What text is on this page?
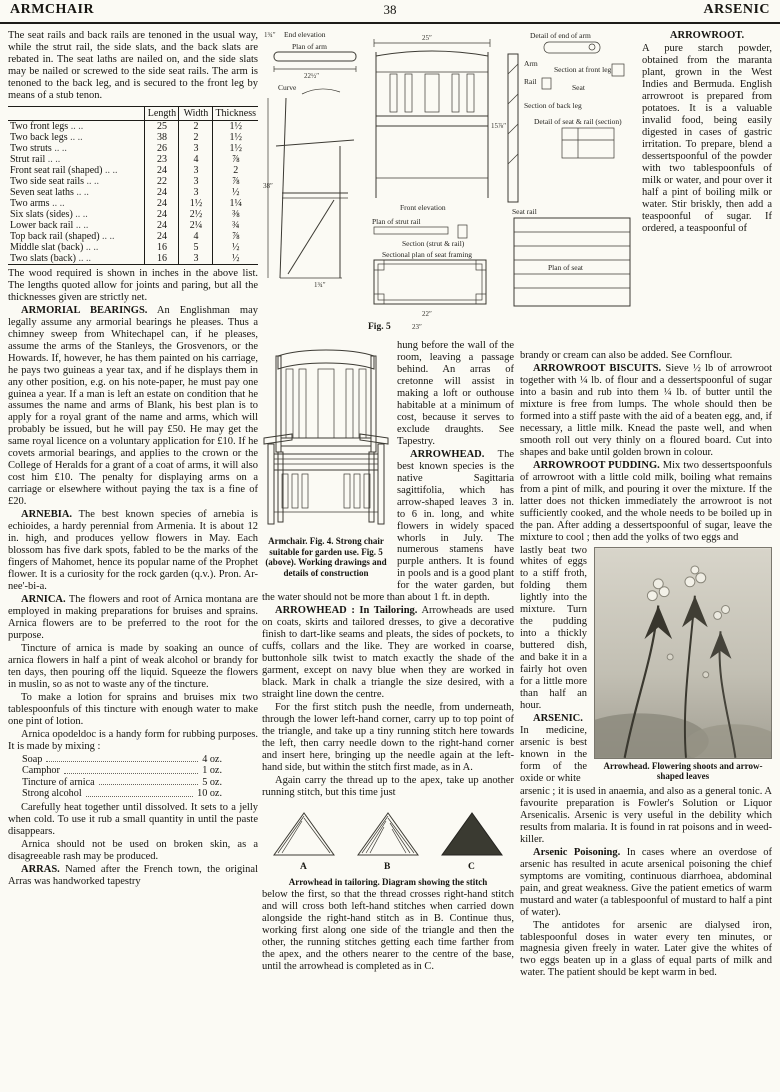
ARMCHAIR	38	ARSENIC

The seat rails and back rails are tenoned in the usual way, while the strut rail, the side slats, and the back slats are rebated in. The seat laths are nailed on, and the side slats may be nailed or screwed to the side seat rails. The arm is tenoned to the back leg, and is secured to the front leg by means of a stub tenon.

	Length	Width	Thickness
Two front legs .. ..	25	2	1½
Two back legs .. ..	38	2	1½
Two struts .. ..	26	3	1½
Strut rail .. ..	23	4	⅞
Front seat rail (shaped) .. ..	24	3	2
Two side seat rails .. ..	22	3	⅞
Seven seat laths .. ..	24	3	½
Two arms .. ..	24	1½	1¼
Six slats (sides) .. ..	24	2½	⅜
Lower back rail .. ..	24	2¼	¾
Top back rail (shaped) .. ..	24	4	⅞
Middle slat (back) .. ..	16	5	½
Two slats (back) .. ..	16	3	½

The wood required is shown in inches in the above list. The lengths quoted allow for joints and paring, but all the thicknesses given are strictly net.

ARMORIAL BEARINGS. An Englishman may legally assume any armorial bearings he pleases. Thus a chimney sweep from Whitechapel can, if he pleases, assume the arms of the Stanleys, the Grosvenors, or the Howards. If, however, he has them painted on his carriage, he pays two guineas a year tax, and if he displays them in any other position, e.g. on his note-paper, he must pay one guinea a year. If a man is left an estate on condition that he assumes the name and arms of Blank, his best plan is to apply for a royal grant of the name and arms, which will probably be issued, but he will pay £50. He may get the same royal licence on a voluntary application for £10. If he covets armorial bearings, and applies to the crown or the College of Heralds for a grant of a coat of arms, it will also cost him £10. The penalty for displaying arms on a carriage or elsewhere without paying the tax is a fine of £20.

ARNEBIA. The best known species of arnebia is echioides, a hardy perennial from Armenia. It is about 12 in. high, and produces yellow flowers in May. Each blossom has five dark spots, fabled to be the marks of the fingers of Mahomet, hence its popular name of the Prophet flower. It is a curiosity for the rock garden (q.v.). Pron. Ar-nee'-bi-a.

ARNICA. The flowers and root of Arnica montana are employed in making preparations for bruises and sprains. Arnica flowers are to be preferred to the root for the purpose.

Tincture of arnica is made by soaking an ounce of arnica flowers in half a pint of weak alcohol or brandy for ten days, then pouring off the liquid. Squeeze the flowers in muslin, so as not to waste any of the tincture.

To make a lotion for sprains and bruises mix two tablespoonfuls of this tincture with enough water to make one pint of lotion.

Arnica opodeldoc is a handy form for rubbing purposes. It is made by mixing :

Soap	4 oz.
Camphor	1 oz.
Tincture of arnica	5 oz.
Strong alcohol	10 oz.

Carefully heat together until dissolved. It sets to a jelly when cold. To use it rub a small quantity in until the paste disappears.

Arnica should not be used on broken skin, as a disagreeable rash may be produced.

ARRAS. Named after the French town, the original Arras was handworked tapestry

1¾″ End elevation
Plan of arm
22½″
Curve
38″
1¾″
25″
15⅞″
Front elevation
Plan of strut rail
Section (strut & rail)
Sectional plan of seat framing
22″
Fig. 5	23″
Detail of end of arm
Arm
Section at front leg
Rail
Seat
Section of back leg
Detail of seat & rail (section)
Seat rail
Plan of seat
ARROWROOT.

A pure starch powder, obtained from the maranta plant, grown in the West Indies and Bermuda. English arrowroot is prepared from potatoes. It is a valuable invalid food, being easily digested in cases of gastric irritation. To prepare, blend a dessertspoonful of the powder with two tablespoonfuls of milk or water, and pour over it half a pint of boiling milk or water. Stir briskly, then add a teaspoonful of sugar. If ordered, a teaspoonful of

Armchair. Fig. 4. Strong chair suitable for garden use. Fig. 5 (above). Working drawings and details of construction

hung before the wall of the room, leaving a passage behind. An arras of cretonne will assist in making a loft or outhouse habitable at a minimum of cost, because it serves to exclude draughts. See Tapestry.

ARROWHEAD. The best known species is the native Sagittaria sagittifolia, which has arrow-shaped leaves 3 in. to 6 in. long, and white flowers in widely spaced whorls in July. The numerous stamens have purple anthers. It is found in pools and is a good plant for the water garden, but the water should not be more than about 1 ft. in depth.

ARROWHEAD : In Tailoring. Arrowheads are used on coats, skirts and tailored dresses, to give a decorative finish to dart-like seams and pleats, the sides of pockets, to cuffs, collars and the like. They are worked in coarse, buttonhole silk twist to match exactly the shade of the garment, except on navy blue when they are worked in black. Mark in chalk a triangle the size desired, with a straight line down the centre.

For the first stitch push the needle, from underneath, through the lower left-hand corner, carry up to top point of the triangle, and take up a tiny running stitch here towards the left, then carry needle down to the right-hand corner and insert here, bringing up the needle again at the left-hand side, but within the stitch first made, as in A.

Again carry the thread up to the apex, take up another running stitch, but this time just

A	B	C
Arrowhead in tailoring. Diagram showing the stitch

below the first, so that the thread crosses right-hand stitch and will cross both left-hand stitches when carried down alongside the right-hand stitch as in B. Continue thus, working first along one side of the triangle and then the other, the running stitches getting each time farther from the apex, and the others nearer to the centre of the base, until the arrowhead is completed as in C.

brandy or cream can also be added. See Cornflour.

ARROWROOT BISCUITS. Sieve ½ lb of arrowroot together with ¼ lb. of flour and a dessertspoonful of sugar into a basin and rub into them ¼ lb. of butter until the mixture is free from lumps. The whole should then be formed into a stiff paste with the aid of a beaten egg, and, if necessary, a little milk. Knead the paste well, and when smooth roll out very thinly on a floured board. Cut into shapes and bake until golden brown in colour.

ARROWROOT PUDDING. Mix two dessertspoonfuls of arrowroot with a little cold milk, boiling what remains from a pint of milk, and pouring it over the mixture. If the latter does not thicken immediately the arrowroot is not sufficiently cooked, and the whole needs to be boiled up in the pan. After adding a dessertspoonful of sugar, leave the mixture to cool ; then add the yolks of two eggs and

Arrowhead. Flowering shoots and arrow-shaped leaves

lastly beat two whites of eggs to a stiff froth, folding them lightly into the mixture. Turn the pudding into a thickly buttered dish, and bake it in a fairly hot oven for a little more than half an hour.

ARSENIC. In medicine, arsenic is best known in the form of the oxide or white

arsenic ; it is used in anaemia, and also as a general tonic. A favourite preparation is Fowler's Solution or Liquor Arsenicalis. Arsenic is very useful in the debility which results from malaria. It is found in rat poisons and in weed-killer.

Arsenic Poisoning. In cases where an overdose of arsenic has resulted in acute arsenical poisoning the chief symptoms are vomiting, continuous diarrhoea, abdominal pain, and great weakness. Give the patient emetics of warm mustard and water (a tablespoonful of mustard to half a pint of water).

The antidotes for arsenic are dialysed iron, tablespoonful doses in water every ten minutes, or magnesia given freely in water. Later give the whites of two eggs beaten up in a glass of equal parts of milk and water. The patient should be kept warm in bed.
